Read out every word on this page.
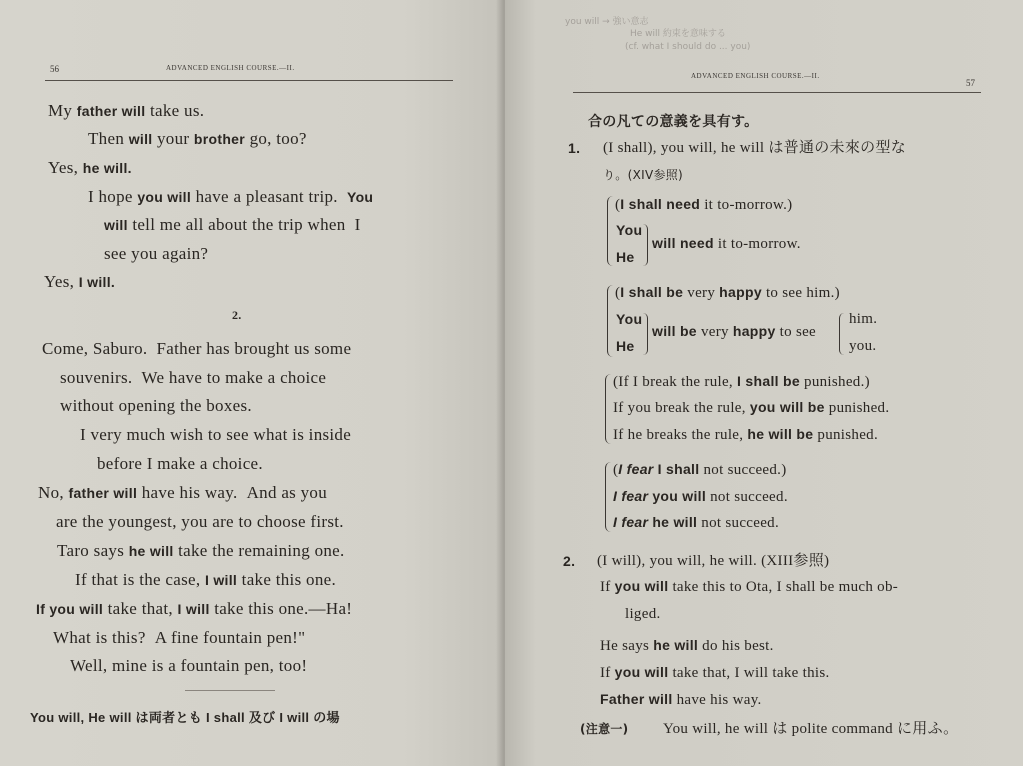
56	ADVANCED ENGLISH COURSE.—II.
My father will take us.
Then will your brother go, too?
Yes, he will.
I hope you will have a pleasant trip.  You
will tell me all about the trip when  I
see you again?
Yes, I will.
2.
Come, Saburo.  Father has brought us some
souvenirs.  We have to make a choice
without opening the boxes.
I very much wish to see what is inside
before I make a choice.
No, father will have his way.  And as you
are the youngest, you are to choose first.
Taro says he will take the remaining one.
If that is the case, I will take this one.
If you will take that, I will take this one.—Ha!
What is this?  A fine fountain pen!"
Well, mine is a fountain pen, too!
You will, He will は両者とも I shall 及び I will の場
you will → 強い意志
He will 約束を意味する
(cf. what I should do ... you)
ADVANCED ENGLISH COURSE.—II.
57
合の凡ての意義を具有す。
1. (I shall), you will, he will は普通の未來の型な
り。(XIV参照)
(I shall need it to-morrow.)
You
He
will need it to-morrow.
(I shall be very happy to see him.)
You
He
will be very happy to see
him.
you.
(If I break the rule, I shall be punished.)
If you break the rule, you will be punished.
If he breaks the rule, he will be punished.
(I fear I shall not succeed.)
I fear you will not succeed.
I fear he will not succeed.
2. (I will), you will, he will. (XIII参照)
If you will take this to Ota, I shall be much ob-
liged.
He says he will do his best.
If you will take that, I will take this.
Father will have his way.
(注意一) You will, he will は polite command に用ふ。
